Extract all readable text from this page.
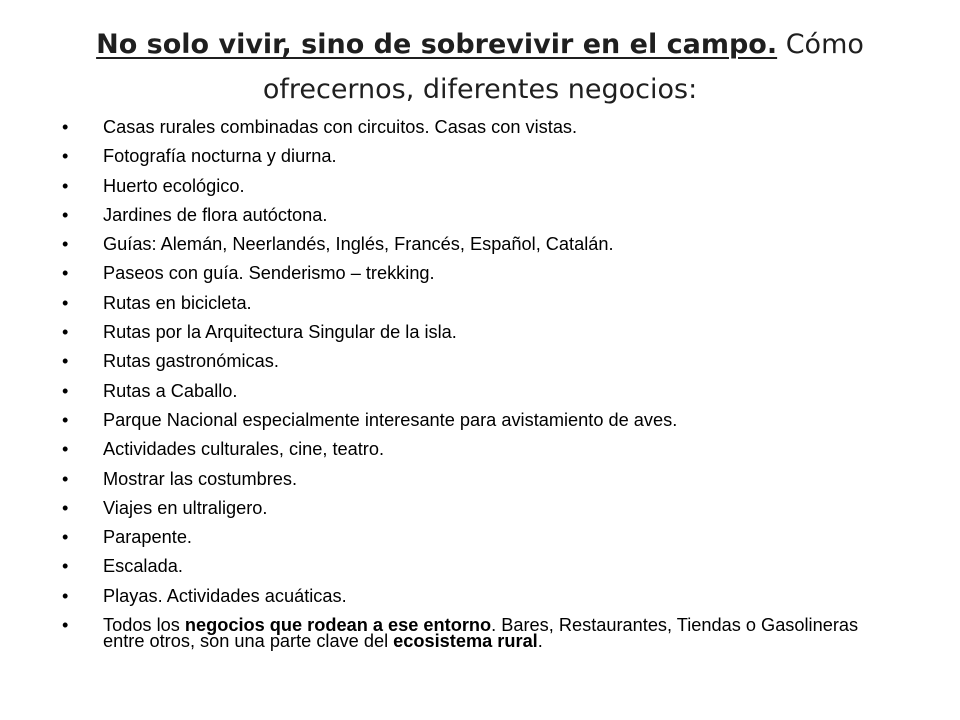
No solo vivir, sino de sobrevivir en el campo. Cómo
ofrecernos, diferentes negocios:
• Casas rurales combinadas con circuitos. Casas con vistas.
• Fotografía nocturna y diurna.
• Huerto ecológico.
• Jardines de flora autóctona.
• Guías: Alemán, Neerlandés, Inglés, Francés, Español, Catalán.
• Paseos con guía. Senderismo – trekking.
• Rutas en bicicleta.
• Rutas por la Arquitectura Singular de la isla.
• Rutas gastronómicas.
• Rutas a Caballo.
• Parque Nacional especialmente interesante para avistamiento de aves.
• Actividades culturales, cine, teatro.
• Mostrar las costumbres.
• Viajes en ultraligero.
• Parapente.
• Escalada.
• Playas. Actividades acuáticas.
• Todos los negocios que rodean a ese entorno. Bares, Restaurantes, Tiendas o Gasolineras entre otros, son una parte clave del ecosistema rural.
